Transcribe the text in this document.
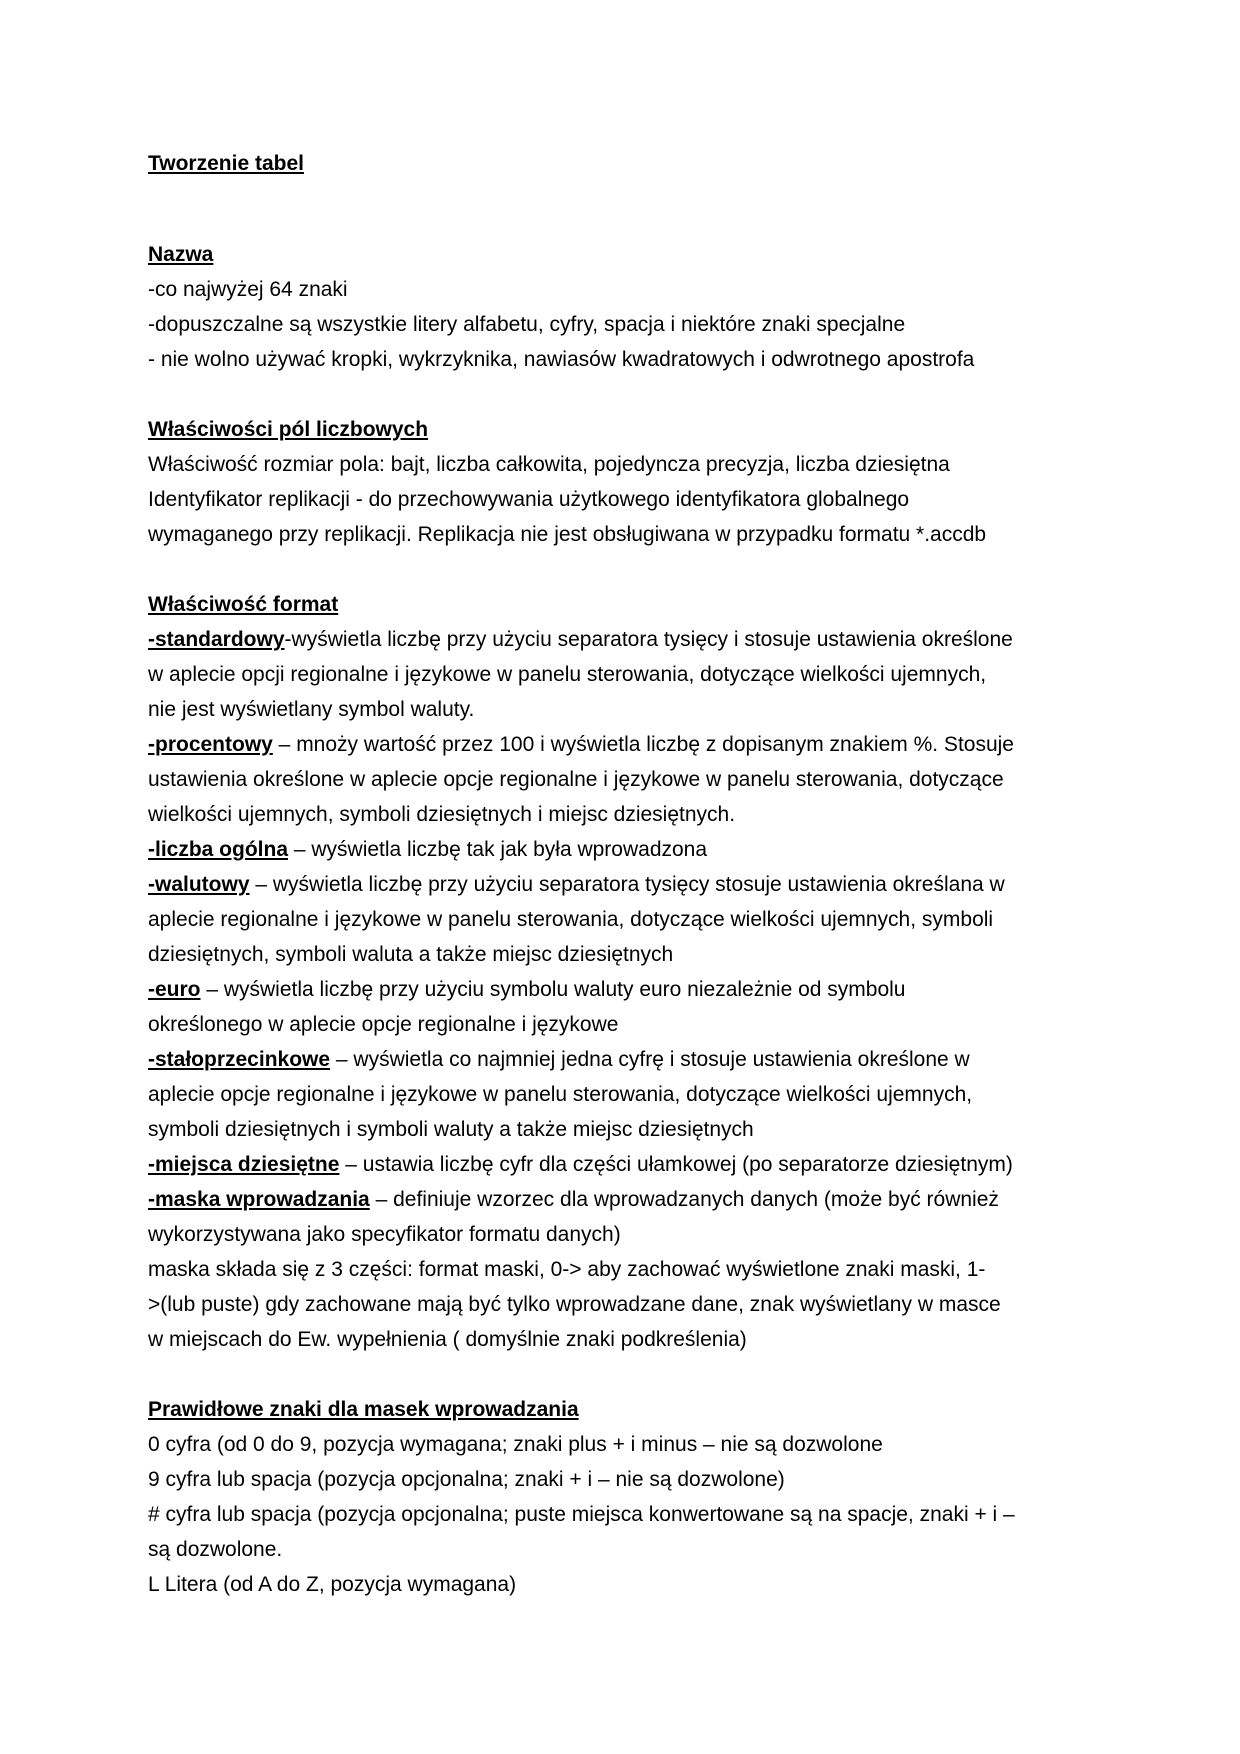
Tworzenie tabel
Nazwa
-co najwyżej 64 znaki
-dopuszczalne są wszystkie litery alfabetu, cyfry, spacja i niektóre znaki specjalne
- nie wolno używać kropki, wykrzyknika, nawiasów kwadratowych i odwrotnego apostrofa
Właściwości pól liczbowych
Właściwość rozmiar pola: bajt, liczba całkowita, pojedyncza precyzja, liczba dziesiętna
Identyfikator replikacji - do przechowywania użytkowego identyfikatora globalnego
wymaganego przy replikacji. Replikacja nie jest obsługiwana w przypadku formatu *.accdb
Właściwość format
-standardowy-wyświetla liczbę przy użyciu separatora tysięcy i stosuje ustawienia określone
w aplecie opcji regionalne i językowe w panelu sterowania, dotyczące wielkości ujemnych,
nie jest wyświetlany symbol waluty.
-procentowy – mnoży wartość przez 100 i wyświetla liczbę z dopisanym znakiem %. Stosuje
ustawienia określone w aplecie opcje regionalne i językowe w panelu sterowania, dotyczące
wielkości ujemnych, symboli dziesiętnych i miejsc dziesiętnych.
-liczba ogólna – wyświetla liczbę tak jak była wprowadzona
-walutowy – wyświetla liczbę przy użyciu separatora tysięcy stosuje ustawienia określana w
aplecie regionalne i językowe w panelu sterowania, dotyczące wielkości ujemnych, symboli
dziesiętnych, symboli waluta a także miejsc dziesiętnych
-euro – wyświetla liczbę przy użyciu symbolu waluty euro niezależnie od symbolu
określonego w aplecie opcje regionalne i językowe
-stałoprzecinkowe – wyświetla co najmniej jedna cyfrę i stosuje ustawienia określone w
aplecie opcje regionalne i językowe w panelu sterowania, dotyczące wielkości ujemnych,
symboli dziesiętnych i symboli waluty a także miejsc dziesiętnych
-miejsca dziesiętne – ustawia liczbę cyfr dla części ułamkowej (po separatorze dziesiętnym)
-maska wprowadzania – definiuje wzorzec dla wprowadzanych danych (może być również
wykorzystywana jako specyfikator formatu danych)
maska składa się z 3 części: format maski, 0-> aby zachować wyświetlone znaki maski, 1-
>(lub puste) gdy zachowane mają być tylko wprowadzane dane, znak wyświetlany w masce
w miejscach do Ew. wypełnienia ( domyślnie znaki podkreślenia)
Prawidłowe znaki dla masek wprowadzania
0 cyfra (od 0 do 9, pozycja wymagana; znaki plus + i minus – nie są dozwolone
9 cyfra lub spacja (pozycja opcjonalna; znaki + i – nie są dozwolone)
# cyfra lub spacja (pozycja opcjonalna; puste miejsca konwertowane są na spacje, znaki + i –
są dozwolone.
L Litera (od A do Z, pozycja wymagana)
